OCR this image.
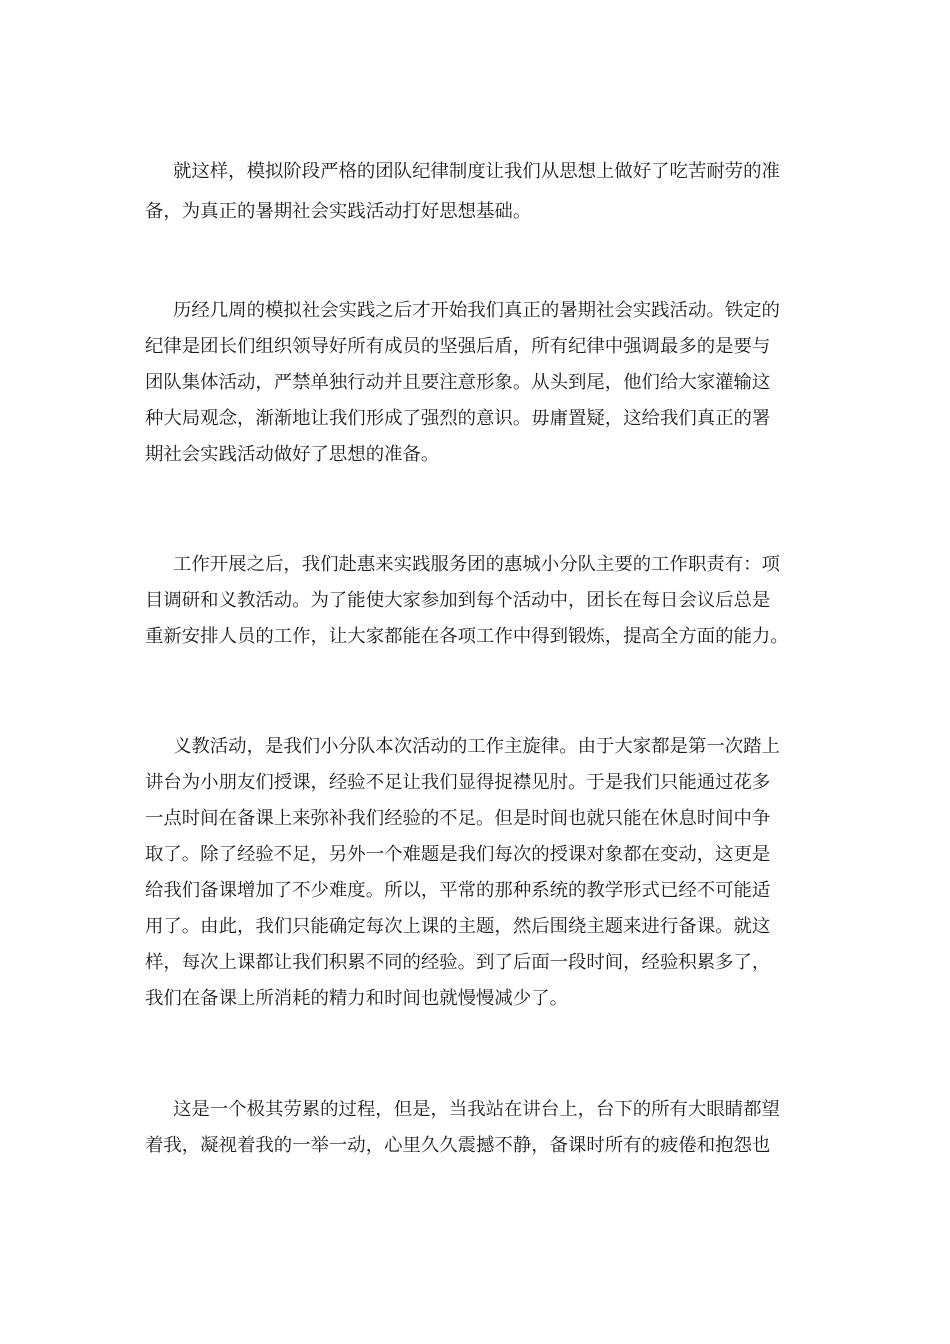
就这样，模拟阶段严格的团队纪律制度让我们从思想上做好了吃苦耐劳的准
备，为真正的暑期社会实践活动打好思想基础。
历经几周的模拟社会实践之后才开始我们真正的暑期社会实践活动。铁定的
纪律是团长们组织领导好所有成员的坚强后盾，所有纪律中强调最多的是要与
团队集体活动，严禁单独行动并且要注意形象。从头到尾，他们给大家灌输这
种大局观念，渐渐地让我们形成了强烈的意识。毋庸置疑，这给我们真正的署
期社会实践活动做好了思想的准备。
工作开展之后，我们赴惠来实践服务团的惠城小分队主要的工作职责有：项
目调研和义教活动。为了能使大家参加到每个活动中，团长在每日会议后总是
重新安排人员的工作，让大家都能在各项工作中得到锻炼，提高全方面的能力。
义教活动，是我们小分队本次活动的工作主旋律。由于大家都是第一次踏上
讲台为小朋友们授课，经验不足让我们显得捉襟见肘。于是我们只能通过花多
一点时间在备课上来弥补我们经验的不足。但是时间也就只能在休息时间中争
取了。除了经验不足，另外一个难题是我们每次的授课对象都在变动，这更是
给我们备课增加了不少难度。所以，平常的那种系统的教学形式已经不可能适
用了。由此，我们只能确定每次上课的主题，然后围绕主题来进行备课。就这
样，每次上课都让我们积累不同的经验。到了后面一段时间，经验积累多了，
我们在备课上所消耗的精力和时间也就慢慢减少了。
这是一个极其劳累的过程，但是，当我站在讲台上，台下的所有大眼睛都望
着我，凝视着我的一举一动，心里久久震撼不静，备课时所有的疲倦和抱怨也
